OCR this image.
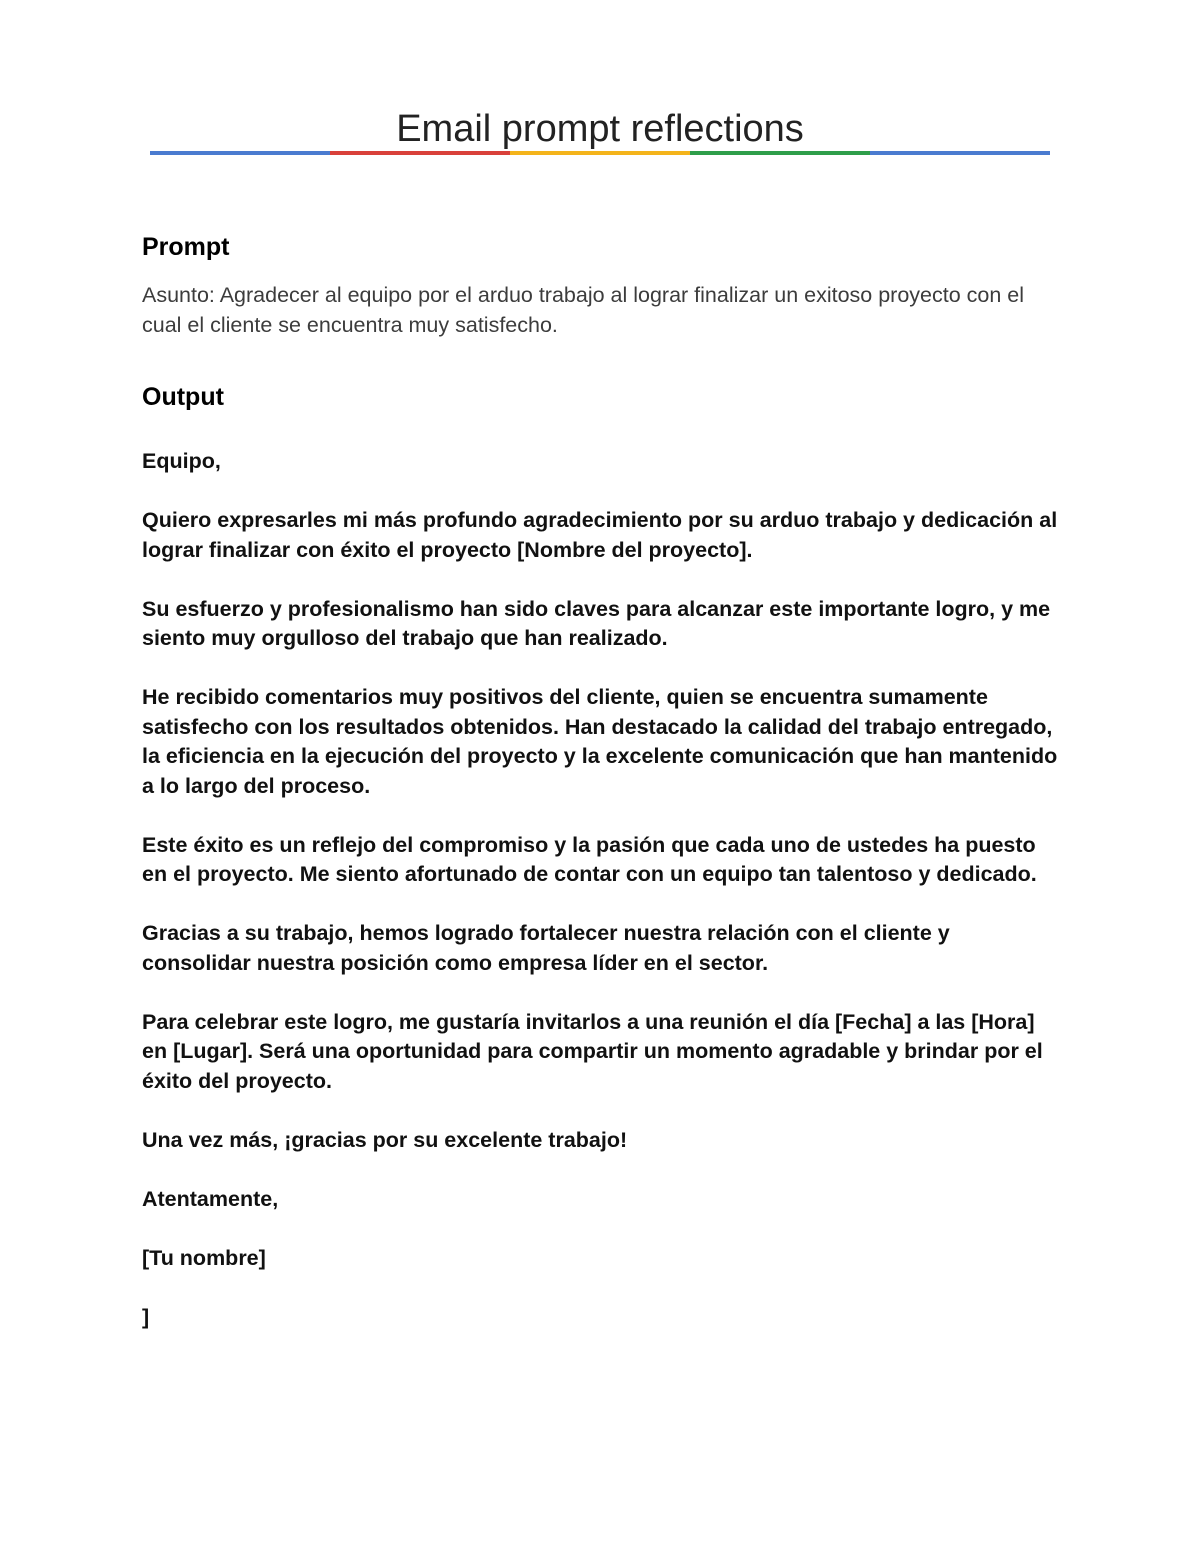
Email prompt reflections
Prompt

Asunto: Agradecer al equipo por el arduo trabajo al lograr finalizar un exitoso proyecto con el cual el cliente se encuentra muy satisfecho.

Output

Equipo,

Quiero expresarles mi más profundo agradecimiento por su arduo trabajo y dedicación al lograr finalizar con éxito el proyecto [Nombre del proyecto].

Su esfuerzo y profesionalismo han sido claves para alcanzar este importante logro, y me siento muy orgulloso del trabajo que han realizado.

He recibido comentarios muy positivos del cliente, quien se encuentra sumamente satisfecho con los resultados obtenidos. Han destacado la calidad del trabajo entregado, la eficiencia en la ejecución del proyecto y la excelente comunicación que han mantenido a lo largo del proceso.

Este éxito es un reflejo del compromiso y la pasión que cada uno de ustedes ha puesto en el proyecto. Me siento afortunado de contar con un equipo tan talentoso y dedicado.

Gracias a su trabajo, hemos logrado fortalecer nuestra relación con el cliente y consolidar nuestra posición como empresa líder en el sector.

Para celebrar este logro, me gustaría invitarlos a una reunión el día [Fecha] a las [Hora] en [Lugar]. Será una oportunidad para compartir un momento agradable y brindar por el éxito del proyecto.

Una vez más, ¡gracias por su excelente trabajo!

Atentamente,

[Tu nombre]

]
